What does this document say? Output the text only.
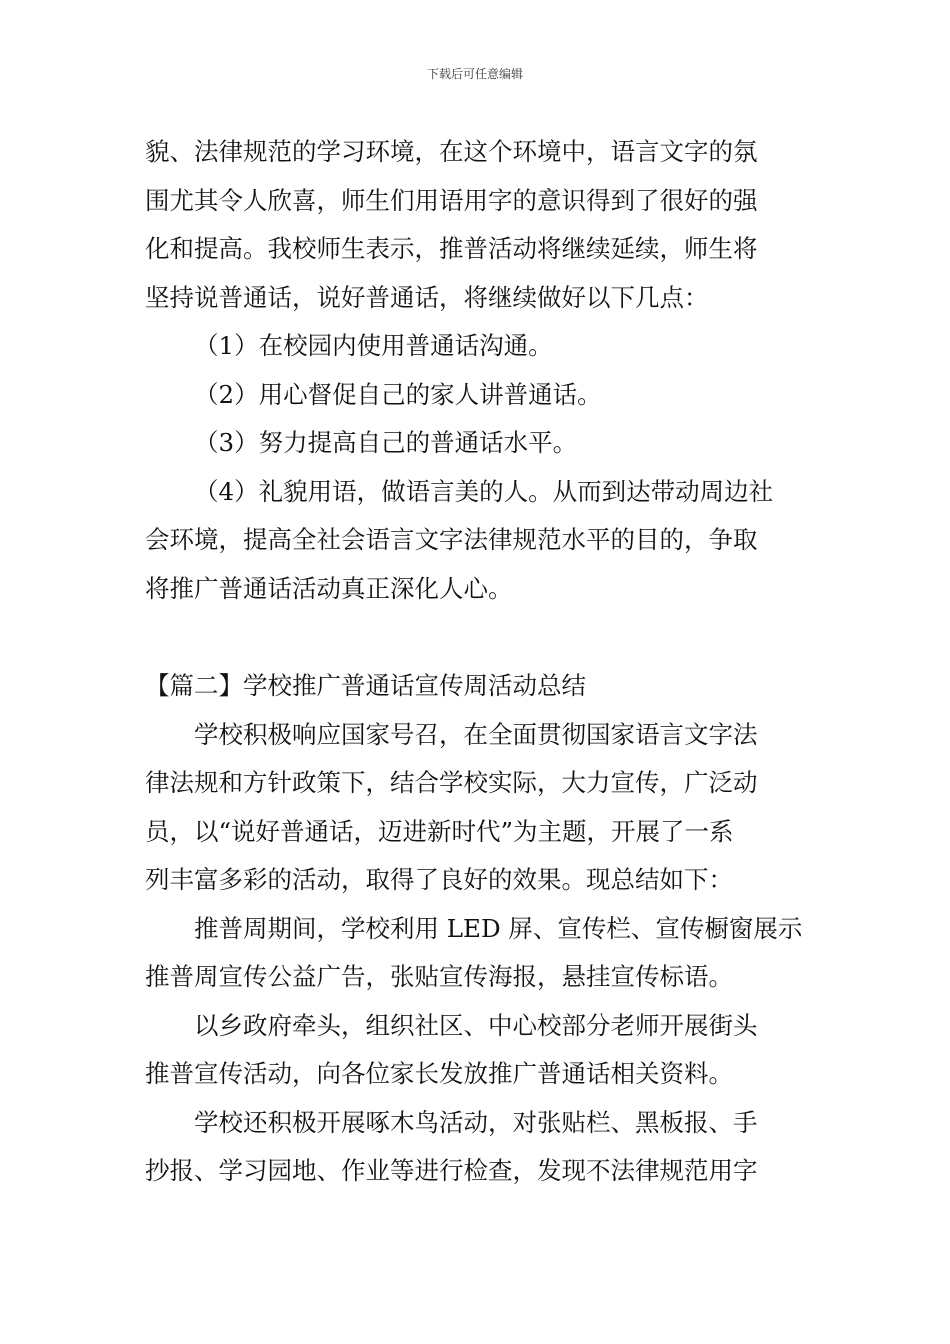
下载后可任意编辑
貌、法律规范的学习环境，在这个环境中，语言文字的氛
围尤其令人欣喜，师生们用语用字的意识得到了很好的强
化和提高。我校师生表示，推普活动将继续延续，师生将
坚持说普通话，说好普通话，将继续做好以下几点：
（1）在校园内使用普通话沟通。
（2）用心督促自己的家人讲普通话。
（3）努力提高自己的普通话水平。
（4）礼貌用语，做语言美的人。从而到达带动周边社
会环境，提高全社会语言文字法律规范水平的目的，争取
将推广普通话活动真正深化人心。
【篇二】学校推广普通话宣传周活动总结
学校积极响应国家号召，在全面贯彻国家语言文字法
律法规和方针政策下，结合学校实际，大力宣传，广泛动
员，以“说好普通话，迈进新时代”为主题，开展了一系
列丰富多彩的活动，取得了良好的效果。现总结如下：
推普周期间，学校利用 LED 屏、宣传栏、宣传橱窗展示
推普周宣传公益广告，张贴宣传海报，悬挂宣传标语。
以乡政府牵头，组织社区、中心校部分老师开展街头
推普宣传活动，向各位家长发放推广普通话相关资料。
学校还积极开展啄木鸟活动，对张贴栏、黑板报、手
抄报、学习园地、作业等进行检查，发现不法律规范用字
